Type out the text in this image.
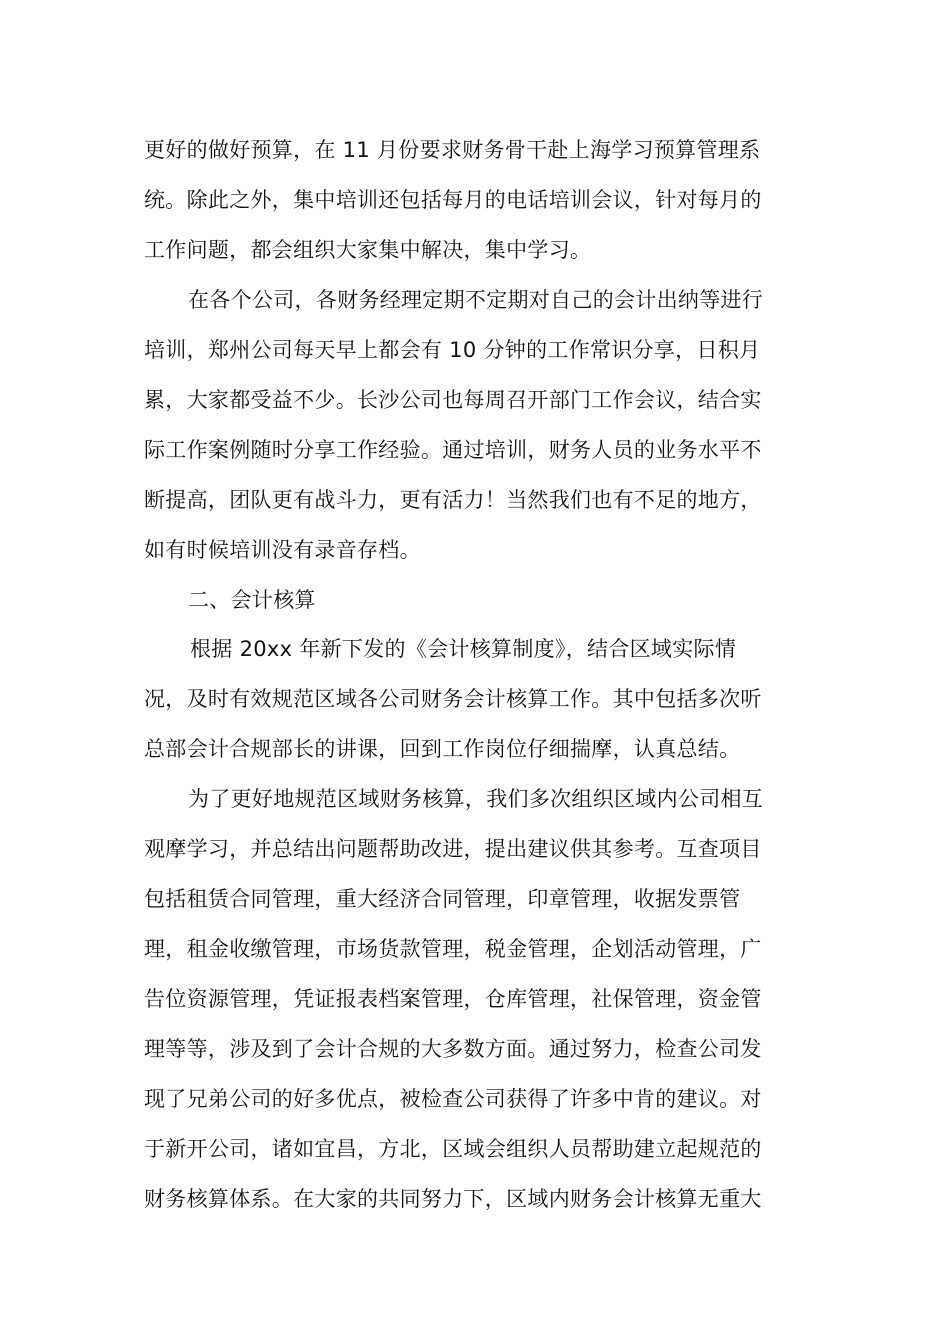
更好的做好预算，在 11 月份要求财务骨干赴上海学习预算管理系
统。除此之外，集中培训还包括每月的电话培训会议，针对每月的
工作问题，都会组织大家集中解决，集中学习。
在各个公司，各财务经理定期不定期对自己的会计出纳等进行
培训，郑州公司每天早上都会有 10 分钟的工作常识分享，日积月
累，大家都受益不少。长沙公司也每周召开部门工作会议，结合实
际工作案例随时分享工作经验。通过培训，财务人员的业务水平不
断提高，团队更有战斗力，更有活力！当然我们也有不足的地方，
如有时候培训没有录音存档。
二、会计核算
根据 20xx 年新下发的《会计核算制度》，结合区域实际情
况，及时有效规范区域各公司财务会计核算工作。其中包括多次听
总部会计合规部长的讲课，回到工作岗位仔细揣摩，认真总结。
为了更好地规范区域财务核算，我们多次组织区域内公司相互
观摩学习，并总结出问题帮助改进，提出建议供其参考。互查项目
包括租赁合同管理，重大经济合同管理，印章管理，收据发票管
理，租金收缴管理，市场货款管理，税金管理，企划活动管理，广
告位资源管理，凭证报表档案管理，仓库管理，社保管理，资金管
理等等，涉及到了会计合规的大多数方面。通过努力，检查公司发
现了兄弟公司的好多优点，被检查公司获得了许多中肯的建议。对
于新开公司，诸如宜昌，方北，区域会组织人员帮助建立起规范的
财务核算体系。在大家的共同努力下，区域内财务会计核算无重大
